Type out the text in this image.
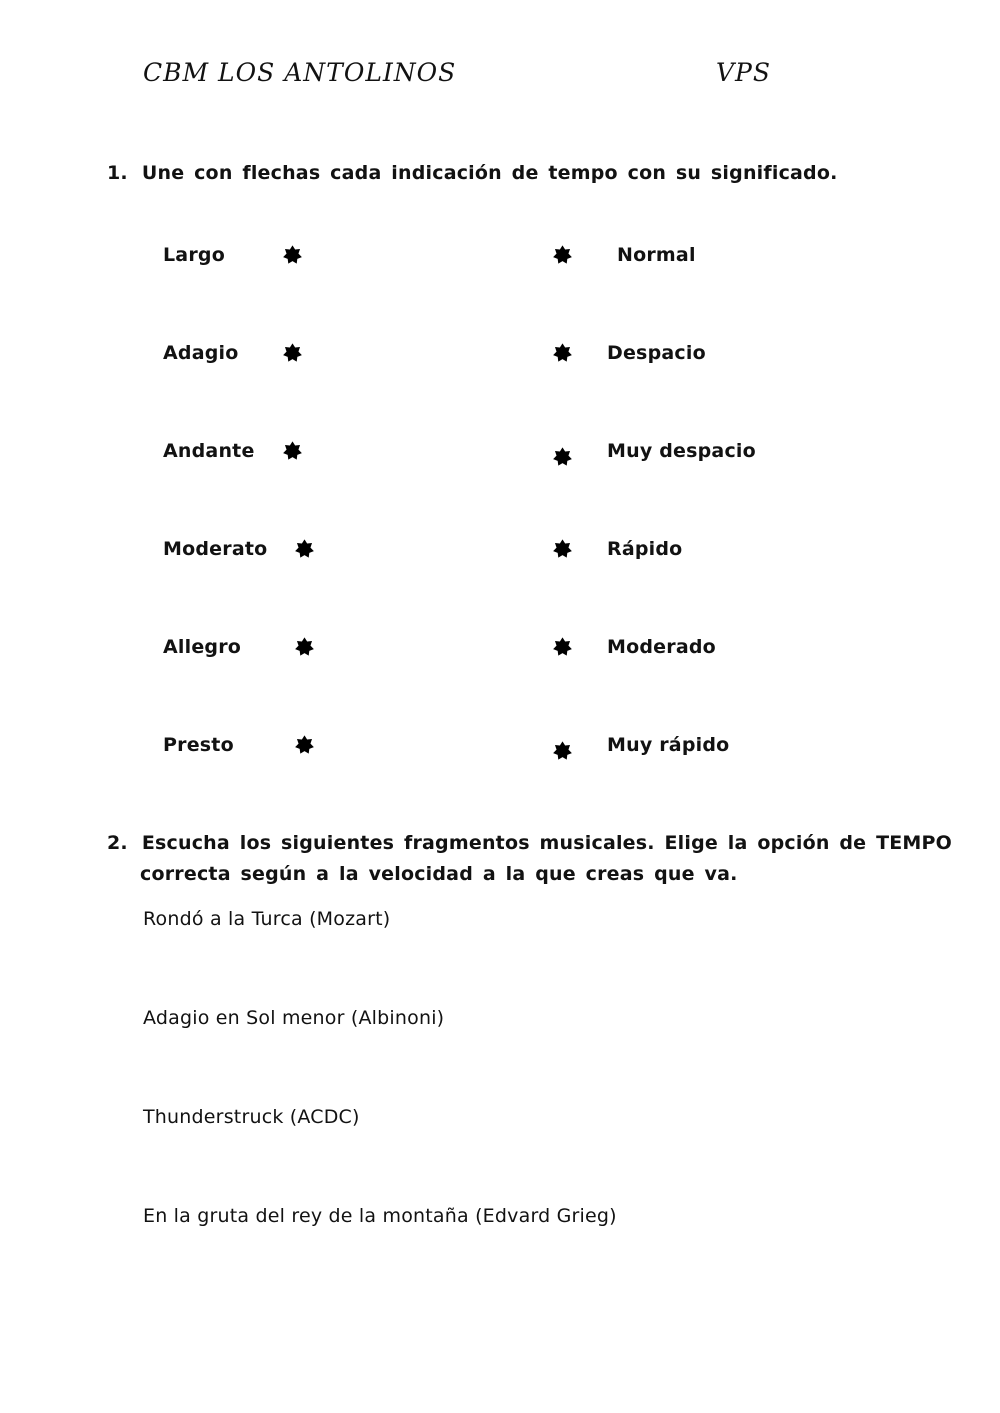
CBM LOS ANTOLINOS	VPS
1. Une con flechas cada indicación de tempo con su significado.
Largo	Normal
Adagio	Despacio
Andante	Muy despacio
Moderato	Rápido
Allegro	Moderado
Presto	Muy rápido
2. Escucha los siguientes fragmentos musicales. Elige la opción de TEMPO
correcta según a la velocidad a la que creas que va.
Rondó a la Turca (Mozart)
Adagio en Sol menor (Albinoni)
Thunderstruck (ACDC)
En la gruta del rey de la montaña (Edvard Grieg)
